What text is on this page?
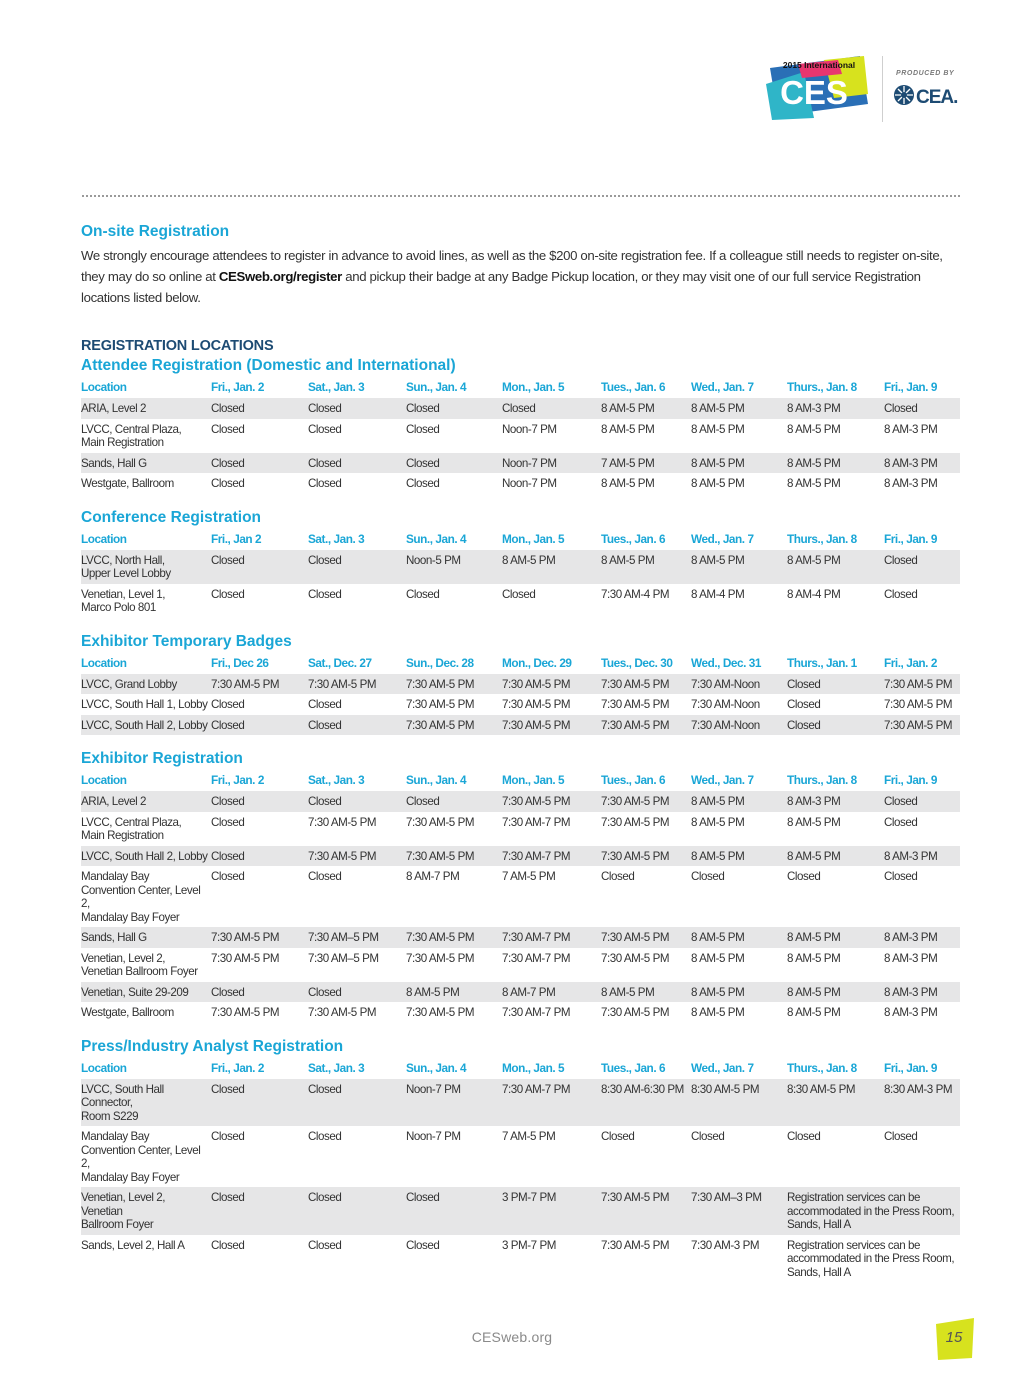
2015 International
CES
PRODUCED BY
CEA.
On-site Registration

We strongly encourage attendees to register in advance to avoid lines, as well as the $200 on-site registration fee. If a colleague still needs to register on-site, they may do so online at CESweb.org/register and pickup their badge at any Badge Pickup location, or they may visit one of our full service Registration locations listed below.

REGISTRATION LOCATIONS
Attendee Registration (Domestic and International)
Location	Fri., Jan. 2	Sat., Jan. 3	Sun., Jan. 4	Mon., Jan. 5	Tues., Jan. 6	Wed., Jan. 7	Thurs., Jan. 8	Fri., Jan. 9
ARIA, Level 2	Closed	Closed	Closed	Closed	8 AM-5 PM	8 AM-5 PM	8 AM-3 PM	Closed
LVCC, Central Plaza,
Main Registration	Closed	Closed	Closed	Noon-7 PM	8 AM-5 PM	8 AM-5 PM	8 AM-5 PM	8 AM-3 PM
Sands, Hall G	Closed	Closed	Closed	Noon-7 PM	7 AM-5 PM	8 AM-5 PM	8 AM-5 PM	8 AM-3 PM
Westgate, Ballroom	Closed	Closed	Closed	Noon-7 PM	8 AM-5 PM	8 AM-5 PM	8 AM-5 PM	8 AM-3 PM
Conference Registration
Location	Fri., Jan 2	Sat., Jan. 3	Sun., Jan. 4	Mon., Jan. 5	Tues., Jan. 6	Wed., Jan. 7	Thurs., Jan. 8	Fri., Jan. 9
LVCC, North Hall,
Upper Level Lobby	Closed	Closed	Noon-5 PM	8 AM-5 PM	8 AM-5 PM	8 AM-5 PM	8 AM-5 PM	Closed
Venetian, Level 1,
Marco Polo 801	Closed	Closed	Closed	Closed	7:30 AM-4 PM	8 AM-4 PM	8 AM-4 PM	Closed
Exhibitor Temporary Badges
Location	Fri., Dec 26	Sat., Dec. 27	Sun., Dec. 28	Mon., Dec. 29	Tues., Dec. 30	Wed., Dec. 31	Thurs., Jan. 1	Fri., Jan. 2
LVCC, Grand Lobby	7:30 AM-5 PM	7:30 AM-5 PM	7:30 AM-5 PM	7:30 AM-5 PM	7:30 AM-5 PM	7:30 AM-Noon	Closed	7:30 AM-5 PM
LVCC, South Hall 1, Lobby	Closed	Closed	7:30 AM-5 PM	7:30 AM-5 PM	7:30 AM-5 PM	7:30 AM-Noon	Closed	7:30 AM-5 PM
LVCC, South Hall 2, Lobby	Closed	Closed	7:30 AM-5 PM	7:30 AM-5 PM	7:30 AM-5 PM	7:30 AM-Noon	Closed	7:30 AM-5 PM
Exhibitor Registration
Location	Fri., Jan. 2	Sat., Jan. 3	Sun., Jan. 4	Mon., Jan. 5	Tues., Jan. 6	Wed., Jan. 7	Thurs., Jan. 8	Fri., Jan. 9
ARIA, Level 2	Closed	Closed	Closed	7:30 AM-5 PM	7:30 AM-5 PM	8 AM-5 PM	8 AM-3 PM	Closed
LVCC, Central Plaza,
Main Registration	Closed	7:30 AM-5 PM	7:30 AM-5 PM	7:30 AM-7 PM	7:30 AM-5 PM	8 AM-5 PM	8 AM-5 PM	Closed
LVCC, South Hall 2, Lobby	Closed	7:30 AM-5 PM	7:30 AM-5 PM	7:30 AM-7 PM	7:30 AM-5 PM	8 AM-5 PM	8 AM-5 PM	8 AM-3 PM
Mandalay Bay
Convention Center, Level 2,
Mandalay Bay Foyer	Closed	Closed	8 AM-7 PM	7 AM-5 PM	Closed	Closed	Closed	Closed
Sands, Hall G	7:30 AM-5 PM	7:30 AM–5 PM	7:30 AM-5 PM	7:30 AM-7 PM	7:30 AM-5 PM	8 AM-5 PM	8 AM-5 PM	8 AM-3 PM
Venetian, Level 2,
Venetian Ballroom Foyer	7:30 AM-5 PM	7:30 AM–5 PM	7:30 AM-5 PM	7:30 AM-7 PM	7:30 AM-5 PM	8 AM-5 PM	8 AM-5 PM	8 AM-3 PM
Venetian, Suite 29-209	Closed	Closed	8 AM-5 PM	8 AM-7 PM	8 AM-5 PM	8 AM-5 PM	8 AM-5 PM	8 AM-3 PM
Westgate, Ballroom	7:30 AM-5 PM	7:30 AM-5 PM	7:30 AM-5 PM	7:30 AM-7 PM	7:30 AM-5 PM	8 AM-5 PM	8 AM-5 PM	8 AM-3 PM
Press/Industry Analyst Registration
Location	Fri., Jan. 2	Sat., Jan. 3	Sun., Jan. 4	Mon., Jan. 5	Tues., Jan. 6	Wed., Jan. 7	Thurs., Jan. 8	Fri., Jan. 9
LVCC, South Hall Connector,
Room S229	Closed	Closed	Noon-7 PM	7:30 AM-7 PM	8:30 AM-6:30 PM	8:30 AM-5 PM	8:30 AM-5 PM	8:30 AM-3 PM
Mandalay Bay
Convention Center, Level 2,
Mandalay Bay Foyer	Closed	Closed	Noon-7 PM	7 AM-5 PM	Closed	Closed	Closed	Closed
Venetian, Level 2, Venetian
Ballroom Foyer	Closed	Closed	Closed	3 PM-7 PM	7:30 AM-5 PM	7:30 AM–3 PM	Registration services can be accommodated in the Press Room, Sands, Hall A	
Sands, Level 2, Hall A	Closed	Closed	Closed	3 PM-7 PM	7:30 AM-5 PM	7:30 AM-3 PM	Registration services can be accommodated in the Press Room, Sands, Hall A	
CESweb.org	15
